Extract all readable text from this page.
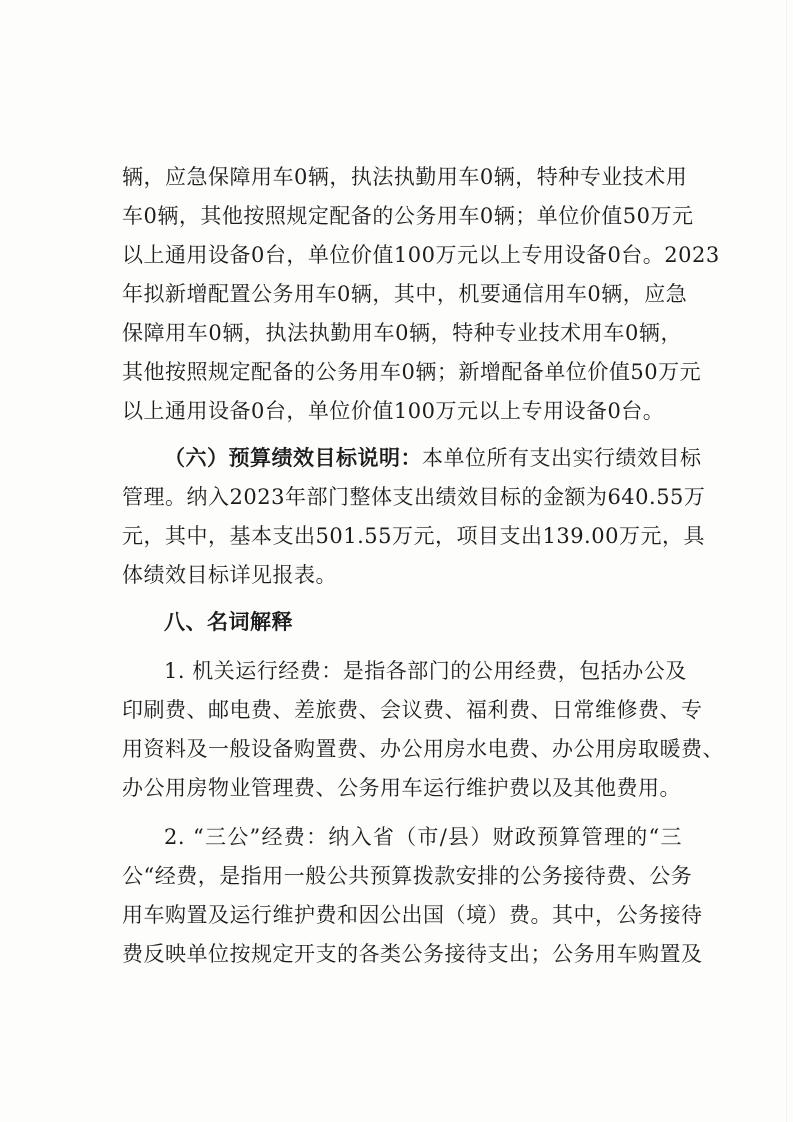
辆，应急保障用车0辆，执法执勤用车0辆，特种专业技术用
车0辆，其他按照规定配备的公务用车0辆；单位价值50万元
以上通用设备0台，单位价值100万元以上专用设备0台。2023
年拟新增配置公务用车0辆，其中，机要通信用车0辆，应急
保障用车0辆，执法执勤用车0辆，特种专业技术用车0辆，
其他按照规定配备的公务用车0辆；新增配备单位价值50万元
以上通用设备0台，单位价值100万元以上专用设备0台。
（六）预算绩效目标说明：本单位所有支出实行绩效目标
管理。纳入2023年部门整体支出绩效目标的金额为640.55万
元，其中，基本支出501.55万元，项目支出139.00万元，具
体绩效目标详见报表。
八、名词解释
1. 机关运行经费：是指各部门的公用经费，包括办公及
印刷费、邮电费、差旅费、会议费、福利费、日常维修费、专
用资料及一般设备购置费、办公用房水电费、办公用房取暖费、
办公用房物业管理费、公务用车运行维护费以及其他费用。
2. “三公”经费：纳入省（市/县）财政预算管理的“三
公“经费，是指用一般公共预算拨款安排的公务接待费、公务
用车购置及运行维护费和因公出国（境）费。其中，公务接待
费反映单位按规定开支的各类公务接待支出；公务用车购置及
